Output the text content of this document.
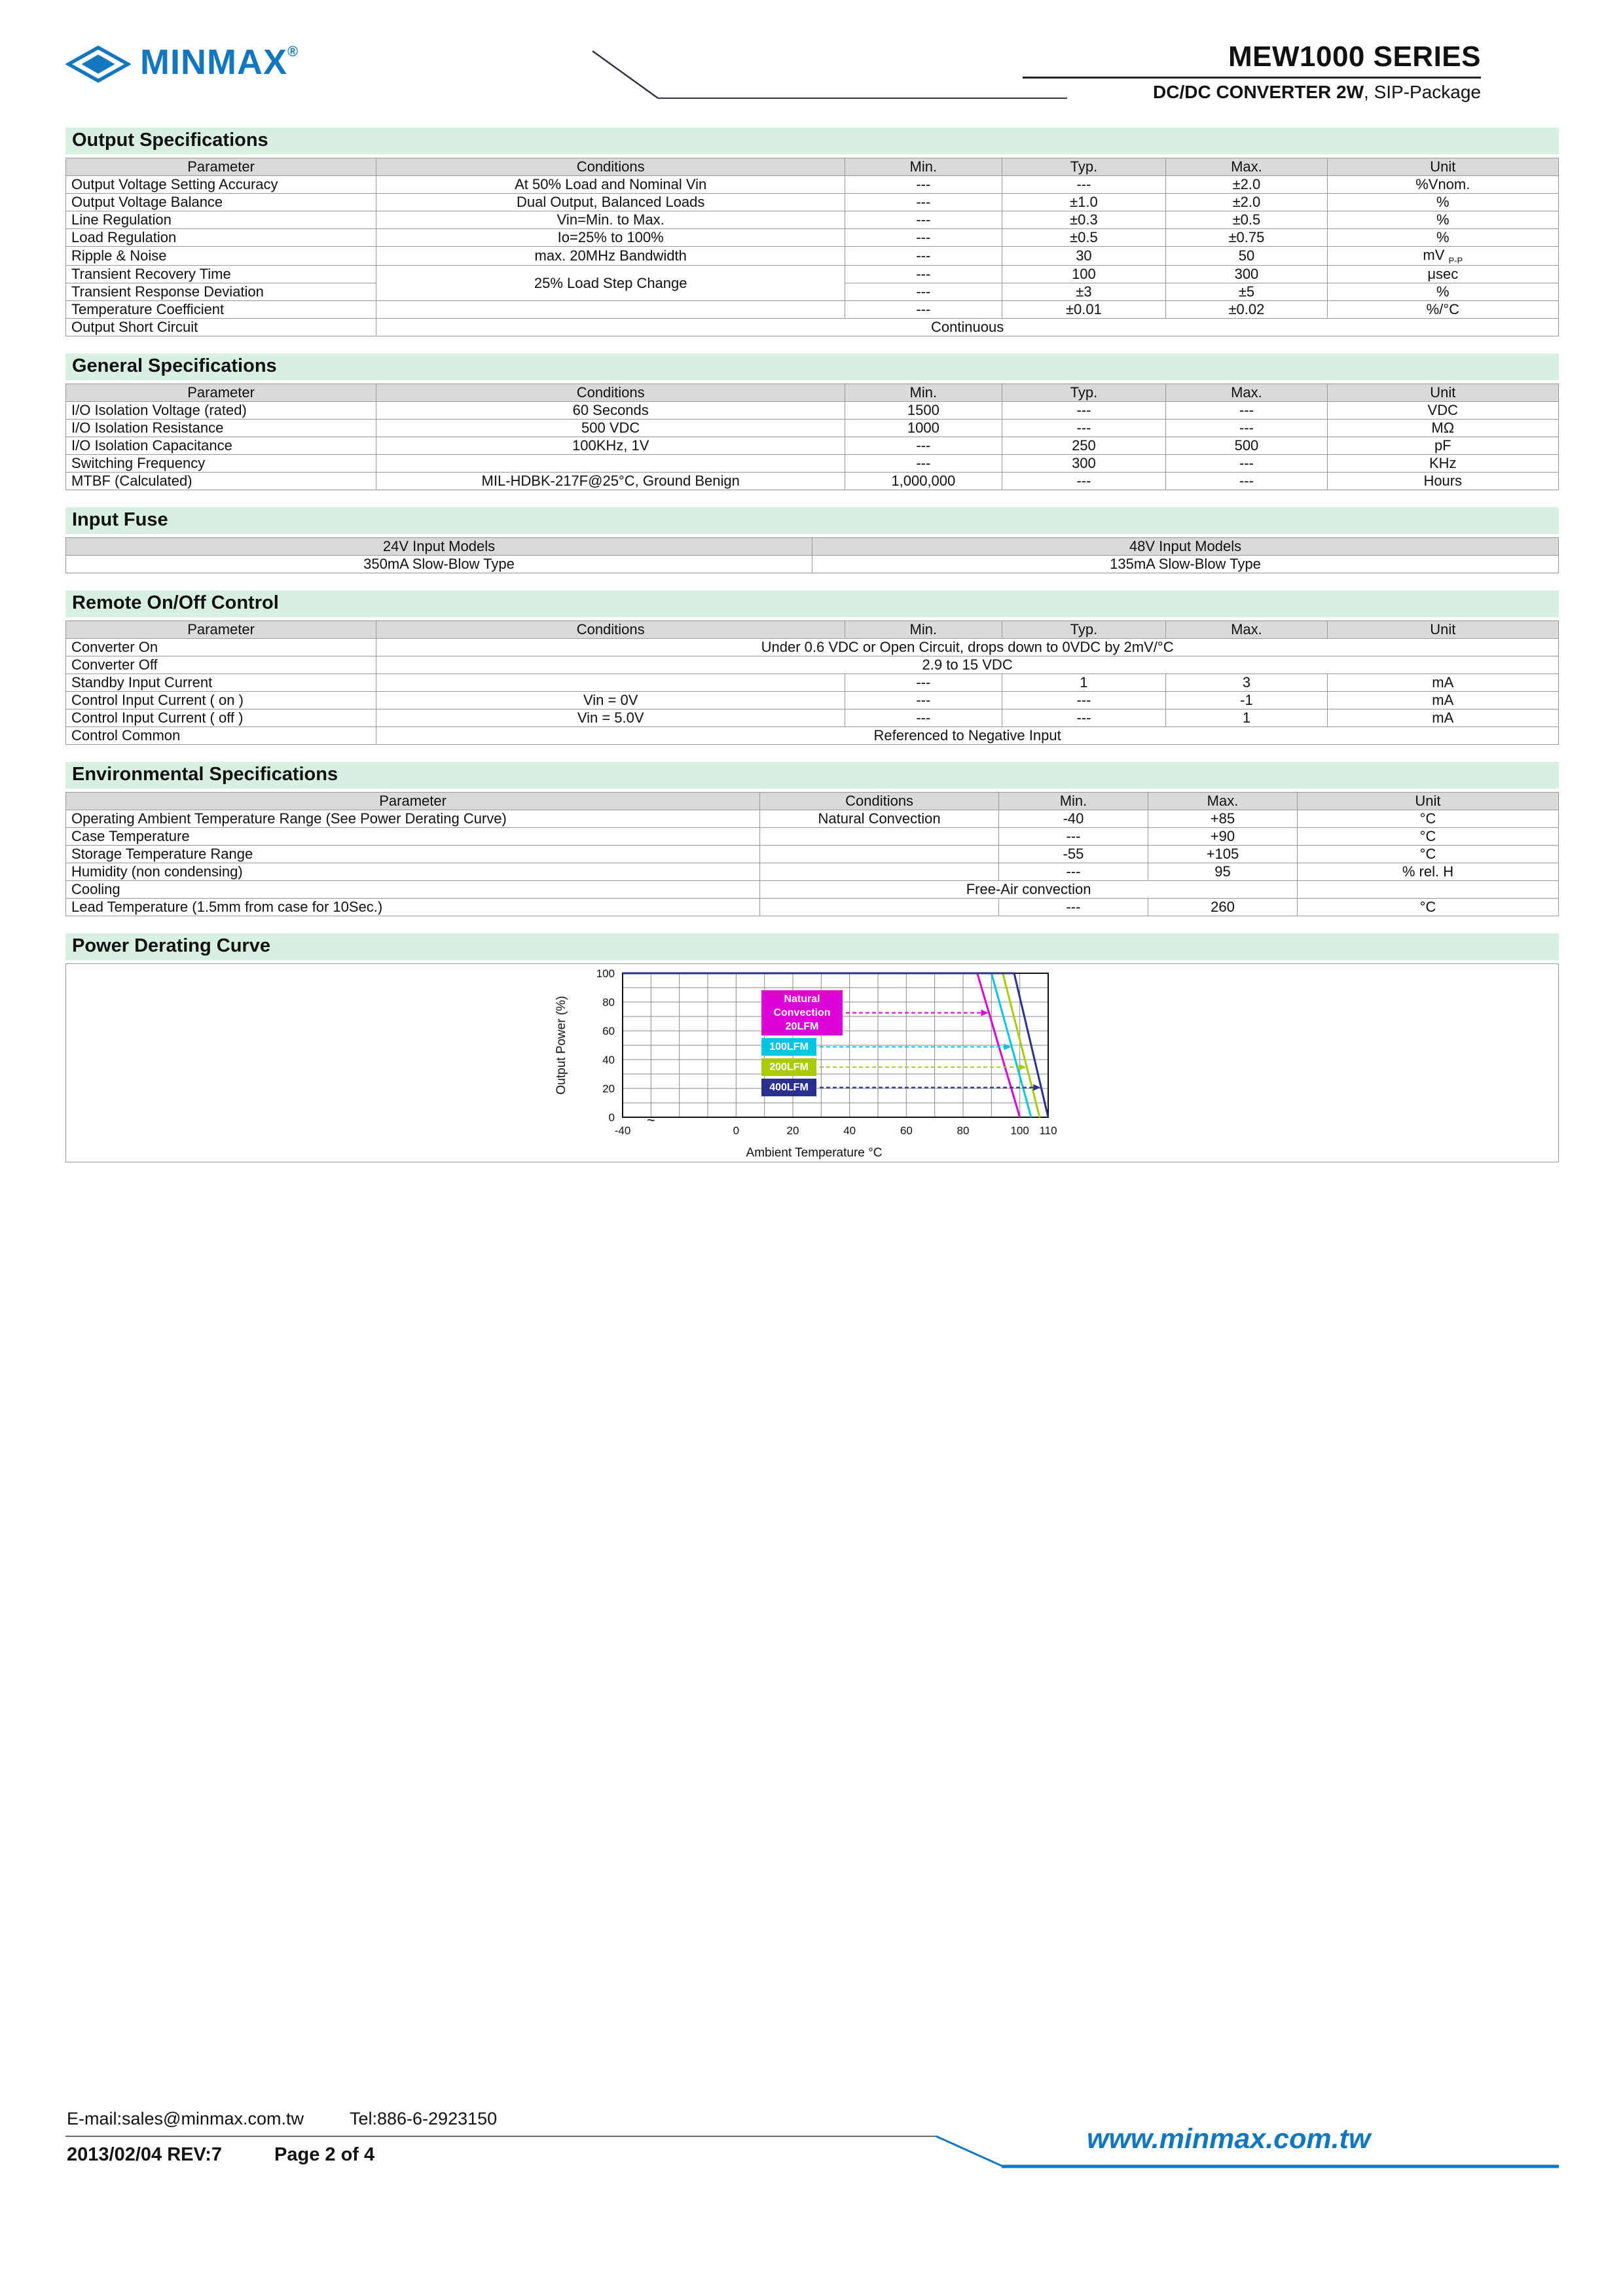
MINMAX®	MEW1000 SERIES
DC/DC CONVERTER 2W, SIP-Package
Output Specifications
Parameter	Conditions	Min.	Typ.	Max.	Unit
Output Voltage Setting Accuracy	At 50% Load and Nominal Vin	---	---	±2.0	%Vnom.
Output Voltage Balance	Dual Output, Balanced Loads	---	±1.0	±2.0	%
Line Regulation	Vin=Min. to Max.	---	±0.3	±0.5	%
Load Regulation	Io=25% to 100%	---	±0.5	±0.75	%
Ripple & Noise	max. 20MHz Bandwidth	---	30	50	mV $_{P-P}$
Transient Recovery Time	25% Load Step Change	---	100	300	μsec
Transient Response Deviation		---	±3	±5	%
Temperature Coefficient		---	±0.01	±0.02	%/°C
Output Short Circuit	Continuous				
General Specifications
Parameter	Conditions	Min.	Typ.	Max.	Unit
I/O Isolation Voltage (rated)	60 Seconds	1500	---	---	VDC
I/O Isolation Resistance	500 VDC	1000	---	---	MΩ
I/O Isolation Capacitance	100KHz, 1V	---	250	500	pF
Switching Frequency		---	300	---	KHz
MTBF (Calculated)	MIL-HDBK-217F@25°C, Ground Benign	1,000,000	---	---	Hours
Input Fuse
24V Input Models	48V Input Models
350mA Slow-Blow Type	135mA Slow-Blow Type
Remote On/Off Control
Parameter	Conditions	Min.	Typ.	Max.	Unit
Converter On	Under 0.6 VDC or Open Circuit, drops down to 0VDC by 2mV/°C				
Converter Off	2.9 to 15 VDC				
Standby Input Current		---	1	3	mA
Control Input Current ( on )	Vin = 0V	---	---	-1	mA
Control Input Current ( off )	Vin = 5.0V	---	---	1	mA
Control Common	Referenced to Negative Input				
Environmental Specifications
Parameter	Conditions	Min.	Max.	Unit
Operating Ambient Temperature Range (See Power Derating Curve)	Natural Convection	-40	+85	°C
Case Temperature		---	+90	°C
Storage Temperature Range		-55	+105	°C
Humidity (non condensing)		---	95	% rel. H
Cooling	Free-Air convection			
Lead Temperature (1.5mm from case for 10Sec.)		---	260	°C
Power Derating Curve
-40	0	20	40	60	80	100 110
0
20
40
60
80
100
Ambient Temperature °C
Output Power (%)
~
Natural
Convection
20LFM
100LFM
200LFM
400LFM
E-mail:sales@minmax.com.tw	Tel:886-6-2923150
2013/02/04 REV:7	Page 2 of 4	www.minmax.com.tw
